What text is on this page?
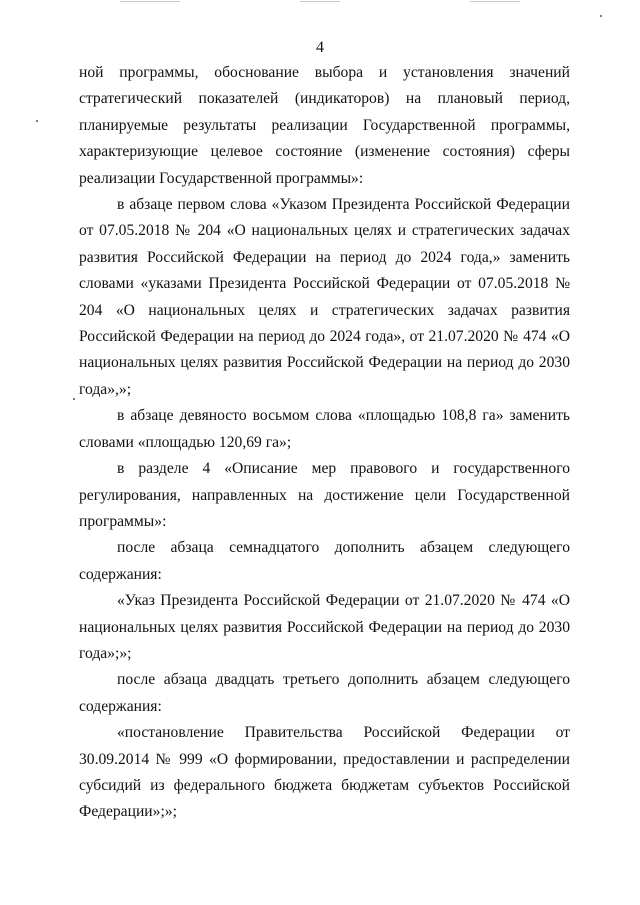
4

ной программы, обоснование выбора и установления значений стратегический показателей (индикаторов) на плановый период, планируемые результаты реализации Государственной программы, характеризующие целевое состояние (изменение состояния) сферы реализации Государственной программы»:

в абзаце первом слова «Указом Президента Российской Федерации от 07.05.2018 № 204 «О национальных целях и стратегических задачах развития Российской Федерации на период до 2024 года,» заменить словами «указами Президента Российской Федерации от 07.05.2018 № 204 «О национальных целях и стратегических задачах развития Российской Федерации на период до 2024 года», от 21.07.2020 № 474 «О национальных целях развития Российской Федерации на период до 2030 года»,»;

в абзаце девяносто восьмом слова «площадью 108,8 га» заменить словами «площадью 120,69 га»;

в разделе 4 «Описание мер правового и государственного регулирования, направленных на достижение цели Государственной программы»:

после абзаца семнадцатого дополнить абзацем следующего содержания:

«Указ Президента Российской Федерации от 21.07.2020 № 474 «О национальных целях развития Российской Федерации на период до 2030 года»;»;

после абзаца двадцать третьего дополнить абзацем следующего содержания:

«постановление Правительства Российской Федерации от 30.09.2014 № 999 «О формировании, предоставлении и распределении субсидий из федерального бюджета бюджетам субъектов Российской Федерации»;»;
